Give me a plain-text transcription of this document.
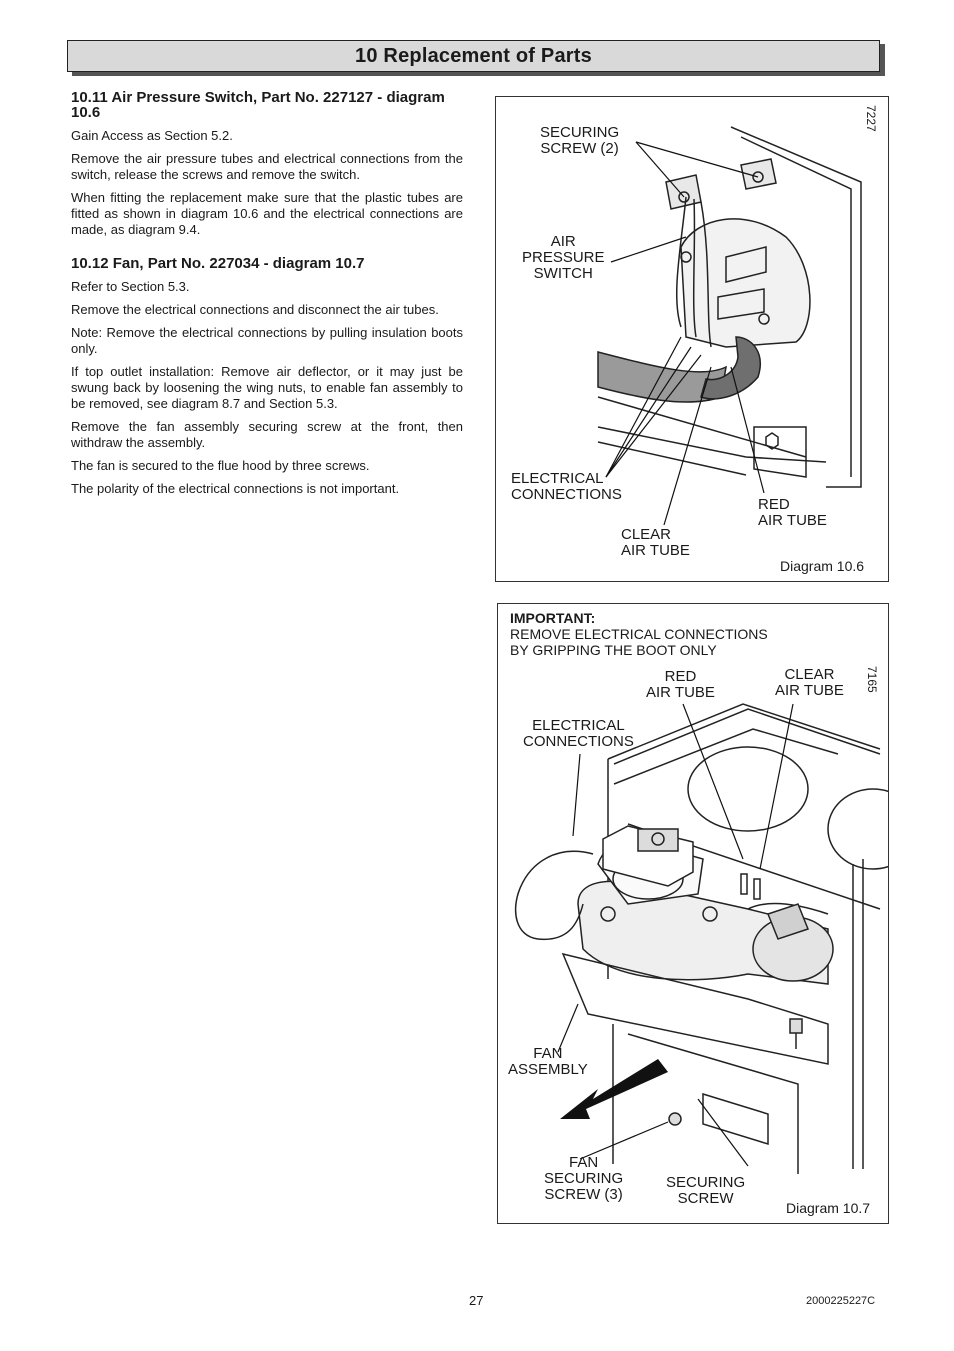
10 Replacement of Parts
10.11 Air Pressure Switch, Part No. 227127 - diagram 10.6

Gain Access as Section 5.2.

Remove the air pressure tubes and electrical connections from the switch, release the screws and remove the switch.

When fitting the replacement make sure that the plastic tubes are fitted as shown in diagram 10.6 and the electrical connections are made, as diagram 9.4.

10.12 Fan, Part No. 227034 - diagram 10.7

Refer to Section 5.3.

Remove the electrical connections and disconnect the air tubes.

Note: Remove the electrical connections by pulling insulation boots only.

If top outlet installation: Remove air deflector, or it may just be swung back by loosening the wing nuts, to enable fan assembly to be removed, see diagram 8.7 and Section 5.3.

Remove the fan assembly securing screw at the front, then withdraw the assembly.

The fan is secured to the flue hood by three screws.

The polarity of the electrical connections is not important.

SECURING
SCREW (2)
AIR
PRESSURE
SWITCH
ELECTRICAL
CONNECTIONS
RED
AIR TUBE
CLEAR
AIR TUBE
7227
Diagram 10.6
IMPORTANT:
REMOVE ELECTRICAL CONNECTIONS
BY GRIPPING THE BOOT ONLY
RED
AIR TUBE
CLEAR
AIR TUBE
ELECTRICAL
CONNECTIONS
FAN
ASSEMBLY
FAN
SECURING
SCREW (3)
SECURING
SCREW
7165
Diagram 10.7
27	2000225227C
